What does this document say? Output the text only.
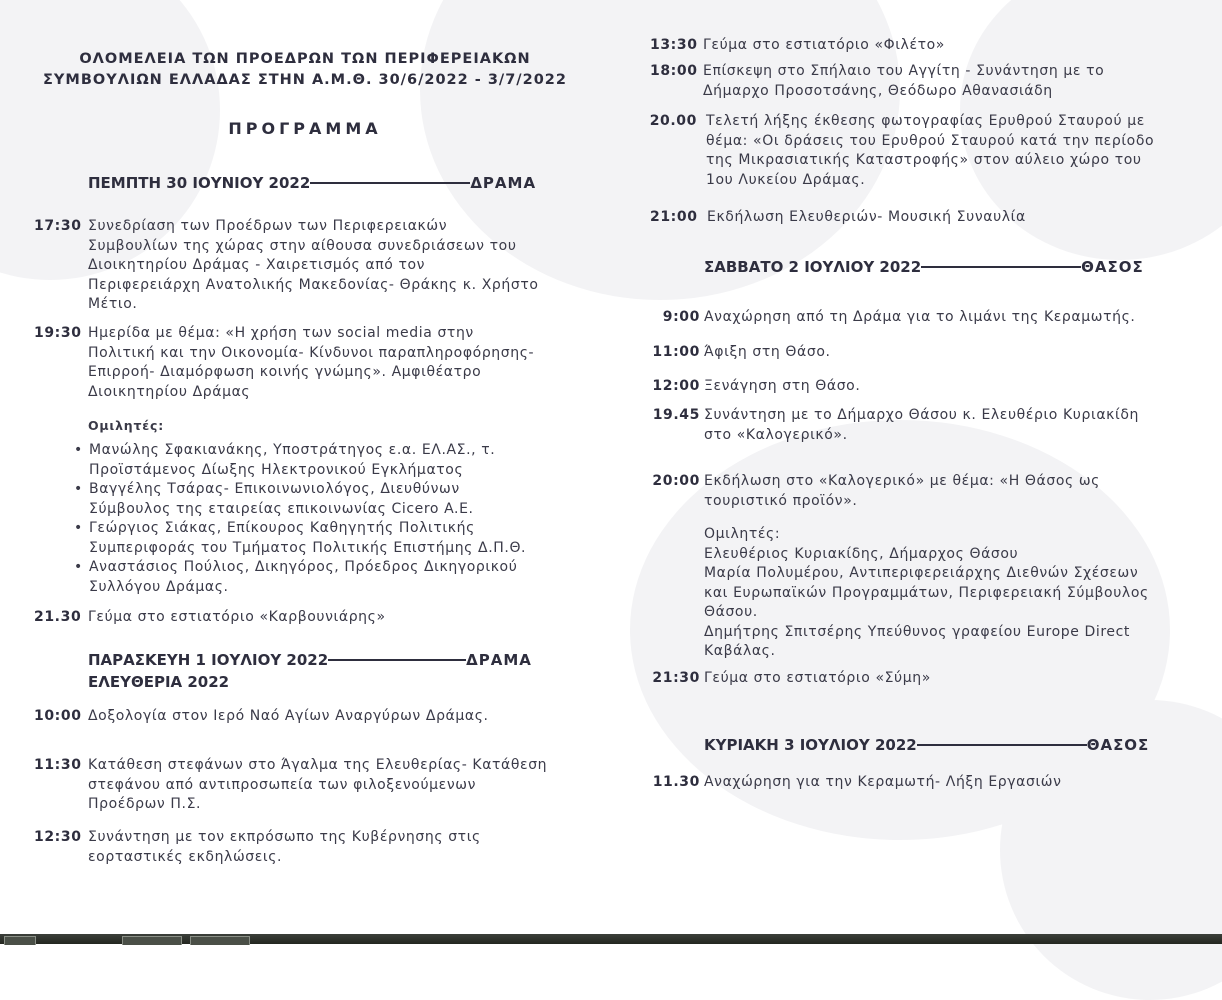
ΟΛΟΜΕΛΕΙΑ ΤΩΝ ΠΡΟΕΔΡΩΝ ΤΩΝ ΠΕΡΙΦΕΡΕΙΑΚΩΝ
ΣΥΜΒΟΥΛΙΩΝ ΕΛΛΑΔΑΣ ΣΤΗΝ Α.Μ.Θ. 30/6/2022 - 3/7/2022
ΠΡΟΓΡΑΜΜΑ
ΠΕΜΠΤΗ 30 ΙΟΥΝΙΟΥ 2022	ΔΡΑΜΑ
17:30 Συνεδρίαση των Προέδρων των Περιφερειακών
Συμβουλίων της χώρας στην αίθουσα συνεδριάσεων του
Διοικητηρίου Δράμας - Χαιρετισμός από τον
Περιφερειάρχη Ανατολικής Μακεδονίας- Θράκης κ. Χρήστο
Μέτιο.
19:30 Ημερίδα με θέμα: «Η χρήση των social media στην
Πολιτική και την Οικονομία- Κίνδυνοι παραπληροφόρησης-
Επιρροή- Διαμόρφωση κοινής γνώμης». Αμφιθέατρο
Διοικητηρίου Δράμας
Ομιλητές:
• Μανώλης Σφακιανάκης, Υποστράτηγος ε.α. ΕΛ.ΑΣ., τ.
Προϊστάμενος Δίωξης Ηλεκτρονικού Εγκλήματος
• Βαγγέλης Τσάρας- Επικοινωνιολόγος, Διευθύνων
Σύμβουλος της εταιρείας επικοινωνίας Cicero A.E.
• Γεώργιος Σιάκας, Επίκουρος Καθηγητής Πολιτικής
Συμπεριφοράς του Τμήματος Πολιτικής Επιστήμης Δ.Π.Θ.
• Αναστάσιος Πούλιος, Δικηγόρος, Πρόεδρος Δικηγορικού
Συλλόγου Δράμας.
21.30 Γεύμα στο εστιατόριο «Καρβουνιάρης»
ΠΑΡΑΣΚΕΥΗ 1 ΙΟΥΛΙΟΥ 2022	ΔΡΑΜΑ
ΕΛΕΥΘΕΡΙΑ 2022
10:00 Δοξολογία στον Ιερό Ναό Αγίων Αναργύρων Δράμας.
11:30 Κατάθεση στεφάνων στο Άγαλμα της Ελευθερίας- Κατάθεση
στεφάνου από αντιπροσωπεία των φιλοξενούμενων
Προέδρων Π.Σ.
12:30 Συνάντηση με τον εκπρόσωπο της Κυβέρνησης στις
εορταστικές εκδηλώσεις.
13:30 Γεύμα στο εστιατόριο «Φιλέτο»
18:00 Επίσκεψη στο Σπήλαιο του Αγγίτη - Συνάντηση με το
Δήμαρχο Προσοτσάνης, Θεόδωρο Αθανασιάδη
20.00 Τελετή λήξης έκθεσης φωτογραφίας Ερυθρού Σταυρού με
θέμα: «Οι δράσεις του Ερυθρού Σταυρού κατά την περίοδο
της Μικρασιατικής Καταστροφής» στον αύλειο χώρο του
1ου Λυκείου Δράμας.
21:00 Εκδήλωση Ελευθεριών- Μουσική Συναυλία
ΣΑΒΒΑΤΟ 2 ΙΟΥΛΙΟΥ 2022	ΘΑΣΟΣ
9:00 Αναχώρηση από τη Δράμα για το λιμάνι της Κεραμωτής.
11:00 Άφιξη στη Θάσο.
12:00 Ξενάγηση στη Θάσο.
19.45 Συνάντηση με το Δήμαρχο Θάσου κ. Ελευθέριο Κυριακίδη
στο «Καλογερικό».
20:00 Εκδήλωση στο «Καλογερικό» με θέμα: «Η Θάσος ως
τουριστικό προϊόν».
Ομιλητές:
Ελευθέριος Κυριακίδης, Δήμαρχος Θάσου
Μαρία Πολυμέρου, Αντιπεριφερειάρχης Διεθνών Σχέσεων
και Ευρωπαϊκών Προγραμμάτων, Περιφερειακή Σύμβουλος
Θάσου.
Δημήτρης Σπιτσέρης Υπεύθυνος γραφείου Europe Direct
Καβάλας.
21:30 Γεύμα στο εστιατόριο «Σύμη»
ΚΥΡΙΑΚΗ 3 ΙΟΥΛΙΟΥ 2022	ΘΑΣΟΣ
11.30 Αναχώρηση για την Κεραμωτή- Λήξη Εργασιών
